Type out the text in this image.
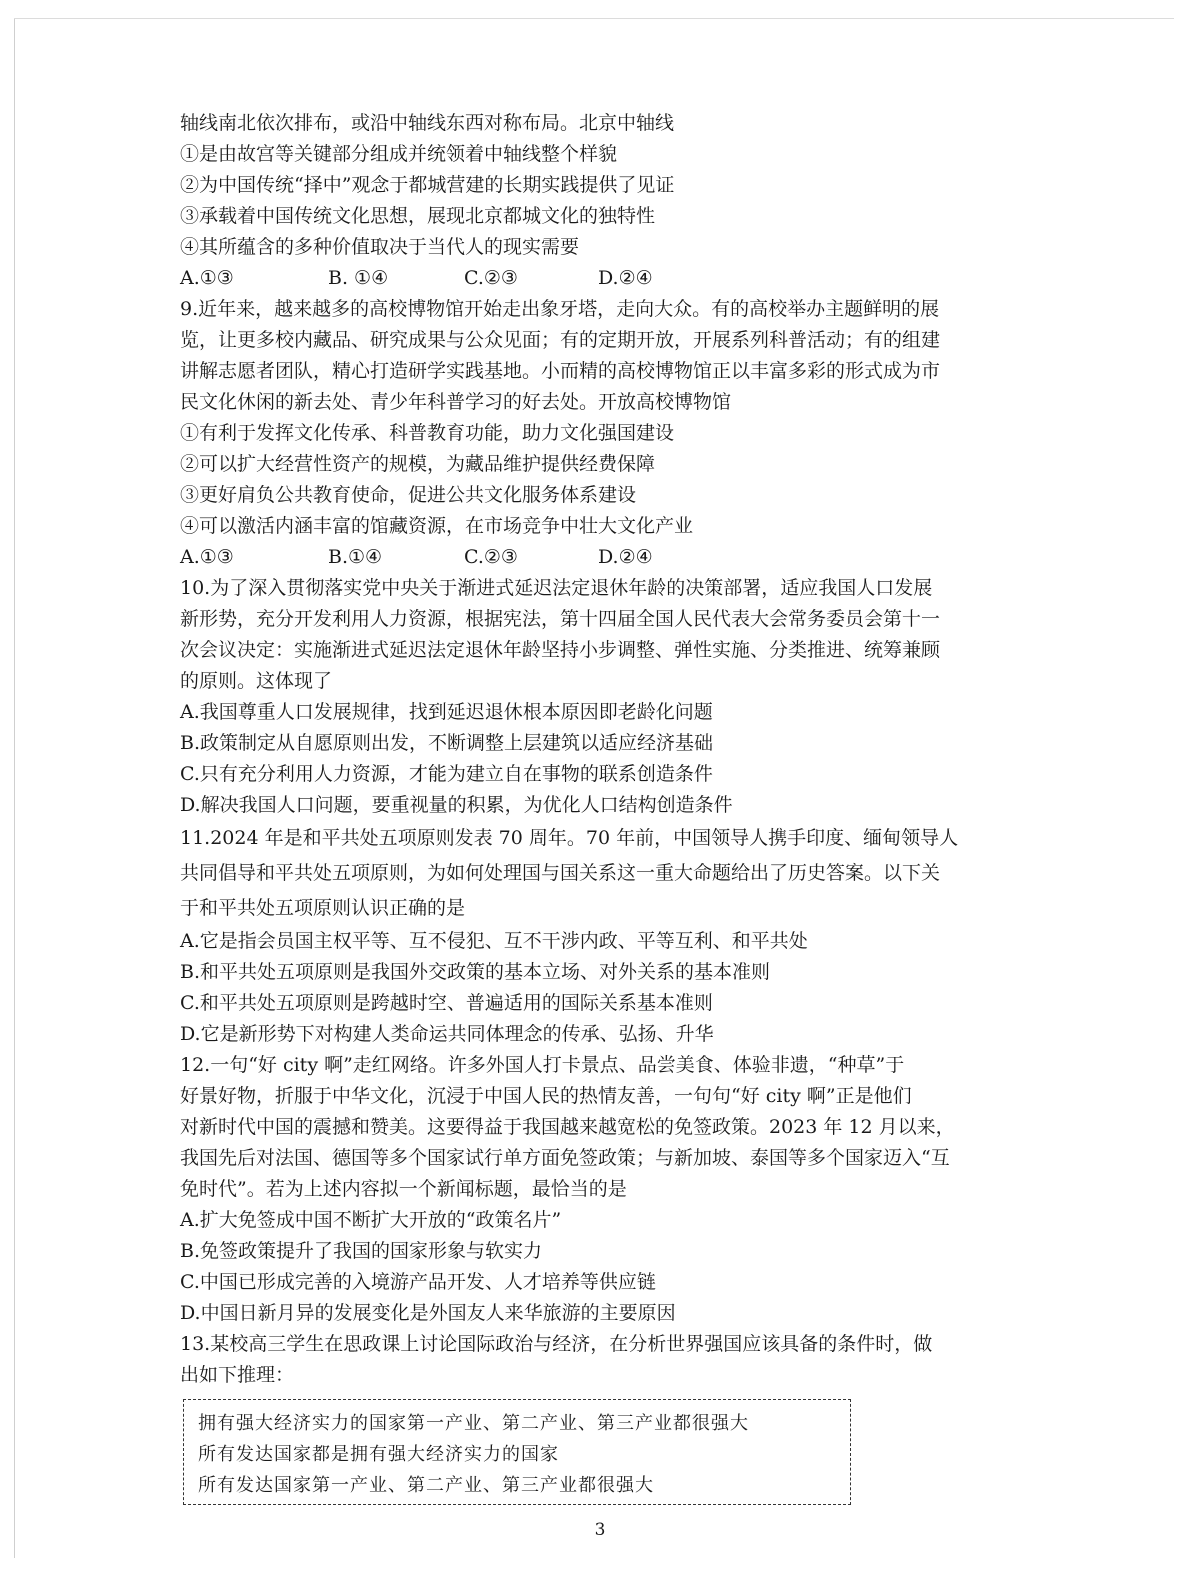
轴线南北依次排布，或沿中轴线东西对称布局。北京中轴线
①是由故宫等关键部分组成并统领着中轴线整个样貌
②为中国传统“择中”观念于都城营建的长期实践提供了见证
③承载着中国传统文化思想，展现北京都城文化的独特性
④其所蕴含的多种价值取决于当代人的现实需要
A.①③	B. ①④	C.②③	D.②④
9.近年来，越来越多的高校博物馆开始走出象牙塔，走向大众。有的高校举办主题鲜明的展
览，让更多校内藏品、研究成果与公众见面；有的定期开放，开展系列科普活动；有的组建
讲解志愿者团队，精心打造研学实践基地。小而精的高校博物馆正以丰富多彩的形式成为市
民文化休闲的新去处、青少年科普学习的好去处。开放高校博物馆
①有利于发挥文化传承、科普教育功能，助力文化强国建设
②可以扩大经营性资产的规模，为藏品维护提供经费保障
③更好肩负公共教育使命，促进公共文化服务体系建设
④可以激活内涵丰富的馆藏资源，在市场竞争中壮大文化产业
A.①③	B.①④	C.②③	D.②④
10.为了深入贯彻落实党中央关于渐进式延迟法定退休年龄的决策部署，适应我国人口发展
新形势，充分开发利用人力资源，根据宪法，第十四届全国人民代表大会常务委员会第十一
次会议决定：实施渐进式延迟法定退休年龄坚持小步调整、弹性实施、分类推进、统筹兼顾
的原则。这体现了
A.我国尊重人口发展规律，找到延迟退休根本原因即老龄化问题
B.政策制定从自愿原则出发，不断调整上层建筑以适应经济基础
C.只有充分利用人力资源，才能为建立自在事物的联系创造条件
D.解决我国人口问题，要重视量的积累，为优化人口结构创造条件
11.2024 年是和平共处五项原则发表 70 周年。70 年前，中国领导人携手印度、缅甸领导人
共同倡导和平共处五项原则，为如何处理国与国关系这一重大命题给出了历史答案。以下关
于和平共处五项原则认识正确的是
A.它是指会员国主权平等、互不侵犯、互不干涉内政、平等互利、和平共处
B.和平共处五项原则是我国外交政策的基本立场、对外关系的基本准则
C.和平共处五项原则是跨越时空、普遍适用的国际关系基本准则
D.它是新形势下对构建人类命运共同体理念的传承、弘扬、升华
12.一句“好 city 啊”走红网络。许多外国人打卡景点、品尝美食、体验非遗，“种草”于
好景好物，折服于中华文化，沉浸于中国人民的热情友善，一句句“好 city 啊”正是他们
对新时代中国的震撼和赞美。这要得益于我国越来越宽松的免签政策。2023 年 12 月以来，
我国先后对法国、德国等多个国家试行单方面免签政策；与新加坡、泰国等多个国家迈入“互
免时代”。若为上述内容拟一个新闻标题，最恰当的是
A.扩大免签成中国不断扩大开放的“政策名片”
B.免签政策提升了我国的国家形象与软实力
C.中国已形成完善的入境游产品开发、人才培养等供应链
D.中国日新月异的发展变化是外国友人来华旅游的主要原因
13.某校高三学生在思政课上讨论国际政治与经济，在分析世界强国应该具备的条件时，做
出如下推理：
拥有强大经济实力的国家第一产业、第二产业、第三产业都很强大
所有发达国家都是拥有强大经济实力的国家
所有发达国家第一产业、第二产业、第三产业都很强大
3
